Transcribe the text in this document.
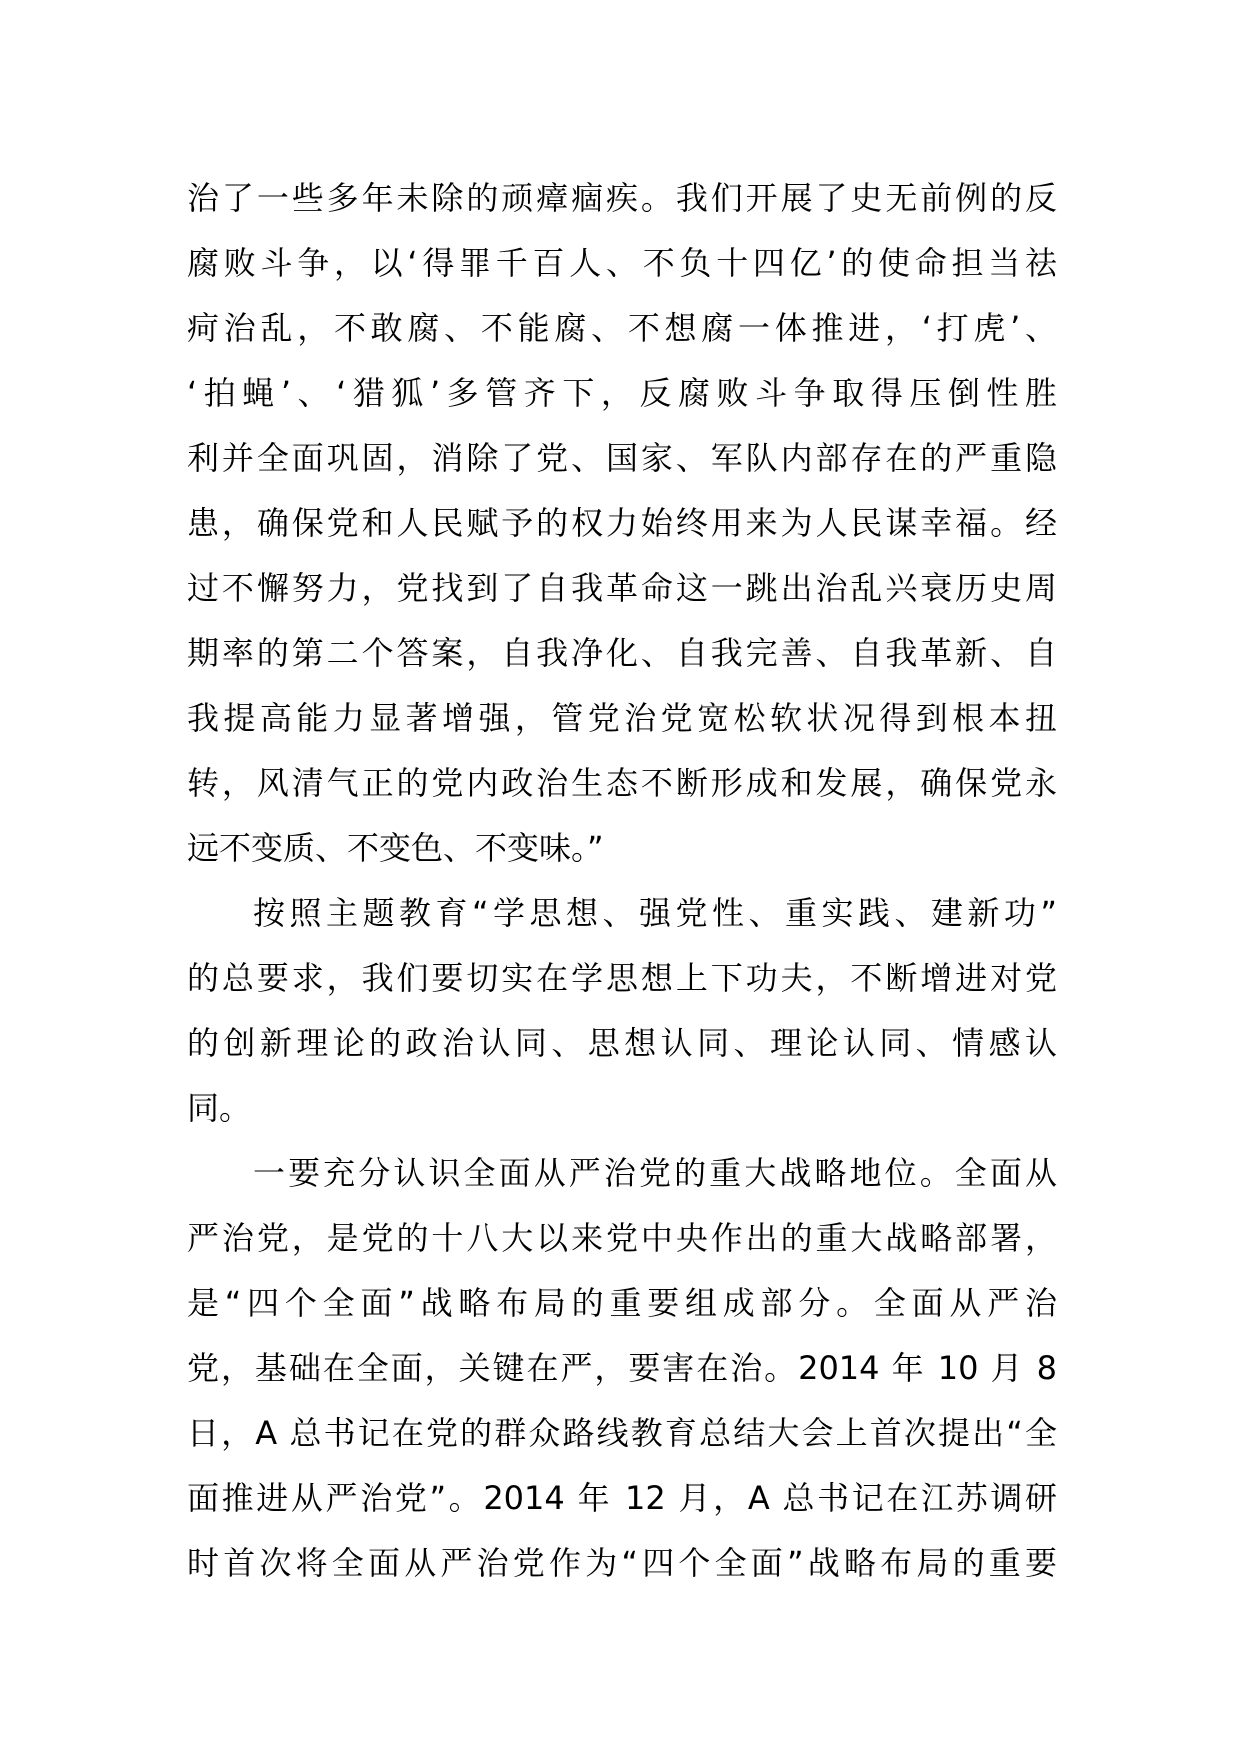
治了一些多年未除的顽瘴痼疾。我们开展了史无前例的反
腐败斗争，以‘得罪千百人、不负十四亿’的使命担当祛
疴治乱，不敢腐、不能腐、不想腐一体推进，‘打虎’、
‘拍蝇’、‘猎狐’多管齐下，反腐败斗争取得压倒性胜
利并全面巩固，消除了党、国家、军队内部存在的严重隐
患，确保党和人民赋予的权力始终用来为人民谋幸福。经
过不懈努力，党找到了自我革命这一跳出治乱兴衰历史周
期率的第二个答案，自我净化、自我完善、自我革新、自
我提高能力显著增强，管党治党宽松软状况得到根本扭
转，风清气正的党内政治生态不断形成和发展，确保党永
远不变质、不变色、不变味。”
按照主题教育“学思想、强党性、重实践、建新功”
的总要求，我们要切实在学思想上下功夫，不断增进对党
的创新理论的政治认同、思想认同、理论认同、情感认
同。
一要充分认识全面从严治党的重大战略地位。全面从
严治党，是党的十八大以来党中央作出的重大战略部署，
是“四个全面”战略布局的重要组成部分。全面从严治
党，基础在全面，关键在严，要害在治。2014 年 10 月 8
日，A 总书记在党的群众路线教育总结大会上首次提出“全
面推进从严治党”。2014 年 12 月，A 总书记在江苏调研
时首次将全面从严治党作为“四个全面”战略布局的重要
